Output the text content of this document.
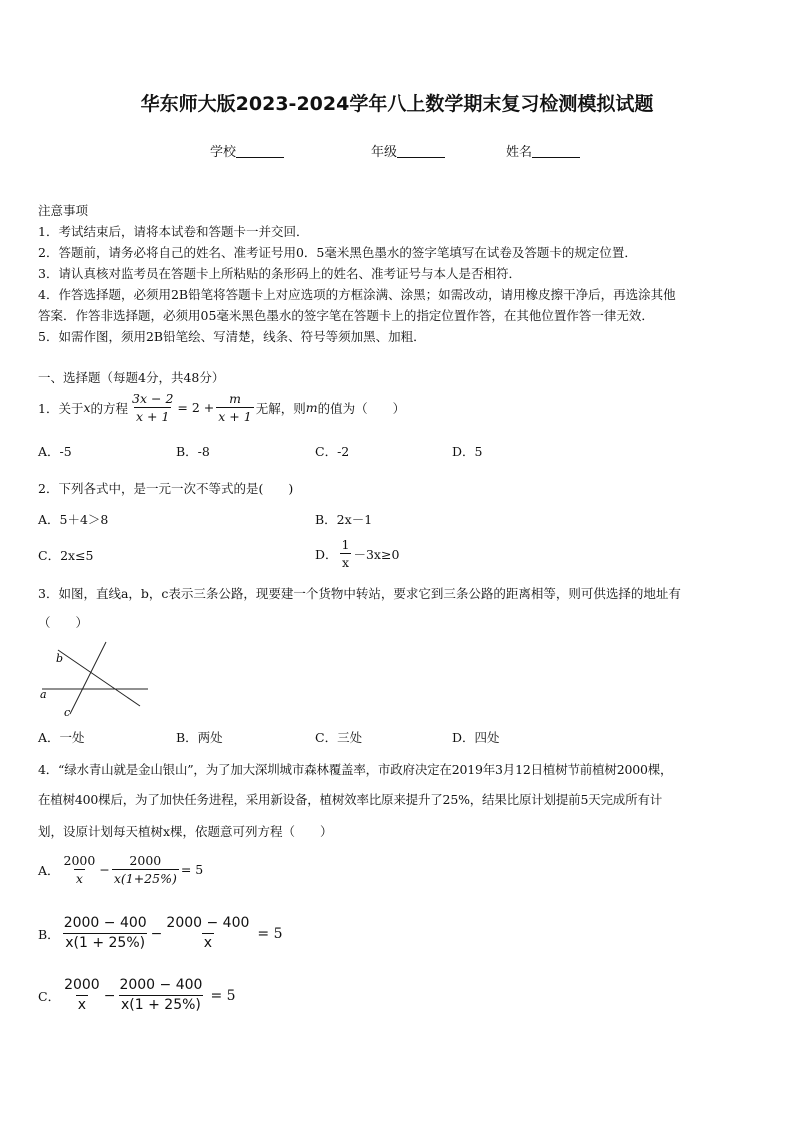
华东师大版2023-2024学年八上数学期末复习检测模拟试题
学校	年级	姓名
注意事项
1．考试结束后，请将本试卷和答题卡一并交回．
2．答题前，请务必将自己的姓名、准考证号用0．5毫米黑色墨水的签字笔填写在试卷及答题卡的规定位置．
3．请认真核对监考员在答题卡上所粘贴的条形码上的姓名、准考证号与本人是否相符．
4．作答选择题，必须用2B铅笔将答题卡上对应选项的方框涂满、涂黑；如需改动，请用橡皮擦干净后，再选涂其他
答案．作答非选择题，必须用05毫米黑色墨水的签字笔在答题卡上的指定位置作答，在其他位置作答一律无效．
5．如需作图，须用2B铅笔绘、写清楚，线条、符号等须加黑、加粗．
一、选择题（每题4分，共48分）
1．关于 x 的方程 $\frac{3x - 2}{x + 1} = 2 + \frac{m}{x + 1}$ 无解，则 m 的值为（　　）
A．-5	B．-8	C．-2	D．5
2．下列各式中，是一元一次不等式的是(　　)
A．5＋4＞8	B．2x－1
C．2x≤5	D． $\frac{1}{x} -3x\ge 0$
3．如图，直线a，b，c表示三条公路，现要建一个货物中转站，要求它到三条公路的距离相等，则可供选择的地址有
（　　）
b
a
c
A．一处	B．两处	C．三处	D．四处
4．“绿水青山就是金山银山”，为了加大深圳城市森林覆盖率，市政府决定在2019年3月12日植树节前植树2000棵，
在植树400棵后，为了加快任务进程，采用新设备，植树效率比原来提升了25%，结果比原计划提前5天完成所有计
划，设原计划每天植树x棵，依题意可列方程（　　）
A． $\frac{2000}{x} - \frac{2000}{x(1+25\%)} = 5$
B． $\frac{2000 - 400}{x(1 + 25\%)} - \frac{2000 - 400}{x} = 5$
C． $\frac{2000}{x} - \frac{2000 - 400}{x(1 + 25\%)} = 5$
